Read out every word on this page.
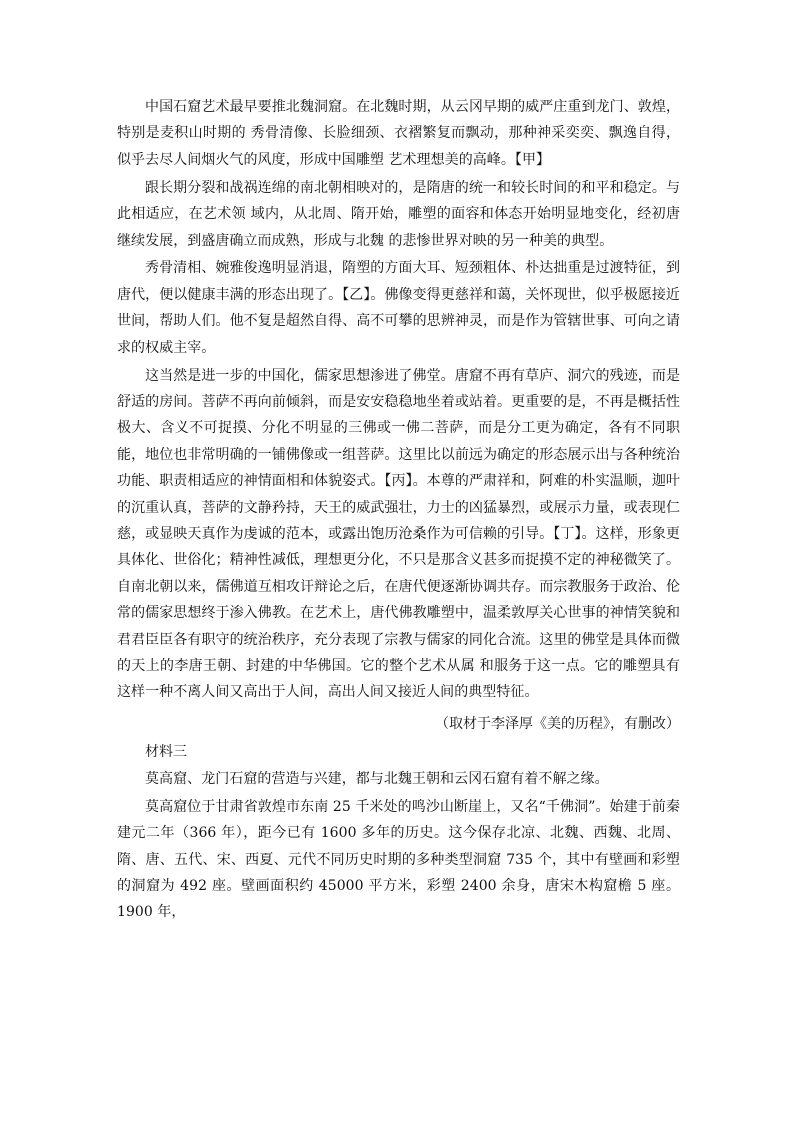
中国石窟艺术最早要推北魏洞窟。在北魏时期，从云冈早期的威严庄重到龙门、敦煌，特别是麦积山时期的 秀骨清像、长脸细颈、衣褶繁复而飘动，那种神采奕奕、飘逸自得，似乎去尽人间烟火气的风度，形成中国雕塑 艺术理想美的高峰。【甲】

跟长期分裂和战祸连绵的南北朝相映对的，是隋唐的统一和较长时间的和平和稳定。与此相适应，在艺术领 域内，从北周、隋开始，雕塑的面容和体态开始明显地变化，经初唐继续发展，到盛唐确立而成熟，形成与北魏 的悲惨世界对映的另一种美的典型。

秀骨清相、婉雅俊逸明显消退，隋塑的方面大耳、短颈粗体、朴达拙重是过渡特征，到唐代，便以健康丰满的形态出现了。【乙】。佛像变得更慈祥和蔼，关怀现世，似乎极愿接近世间，帮助人们。他不复是超然自得、高不可攀的思辨神灵，而是作为管辖世事、可向之请求的权威主宰。

这当然是进一步的中国化，儒家思想渗进了佛堂。唐窟不再有草庐、洞穴的残迹，而是舒适的房间。菩萨不再向前倾斜，而是安安稳稳地坐着或站着。更重要的是，不再是概括性极大、含义不可捉摸、分化不明显的三佛或一佛二菩萨，而是分工更为确定，各有不同职能，地位也非常明确的一铺佛像或一组菩萨。这里比以前远为确定的形态展示出与各种统治功能、职责相适应的神情面相和体貌姿式。【丙】。本尊的严肃祥和，阿难的朴实温顺，迦叶的沉重认真，菩萨的文静矜持，天王的威武强壮，力士的凶猛暴烈，或展示力量，或表现仁慈，或显映天真作为虔诚的范本，或露出饱历沧桑作为可信赖的引导。【丁】。这样，形象更具体化、世俗化；精神性减低，理想更分化，不只是那含义甚多而捉摸不定的神秘微笑了。自南北朝以来，儒佛道互相攻讦辩论之后，在唐代便逐渐协调共存。而宗教服务于政治、伦常的儒家思想终于渗入佛教。在艺术上，唐代佛教雕塑中，温柔敦厚关心世事的神情笑貌和君君臣臣各有职守的统治秩序，充分表现了宗教与儒家的同化合流。这里的佛堂是具体而微的天上的李唐王朝、封建的中华佛国。它的整个艺术从属 和服务于这一点。它的雕塑具有这样一种不离人间又高出于人间，高出人间又接近人间的典型特征。

（取材于李泽厚《美的历程》，有删改）

材料三

莫高窟、龙门石窟的营造与兴建，都与北魏王朝和云冈石窟有着不解之缘。

莫高窟位于甘肃省敦煌市东南 25 千米处的鸣沙山断崖上，又名“千佛洞”。始建于前秦建元二年（366 年），距今已有 1600 多年的历史。这今保存北凉、北魏、西魏、北周、隋、唐、五代、宋、西夏、元代不同历史时期的多种类型洞窟 735 个，其中有壁画和彩塑的洞窟为 492 座。壁画面积约 45000 平方米，彩塑 2400 余身，唐宋木构窟檐 5 座。1900 年，
